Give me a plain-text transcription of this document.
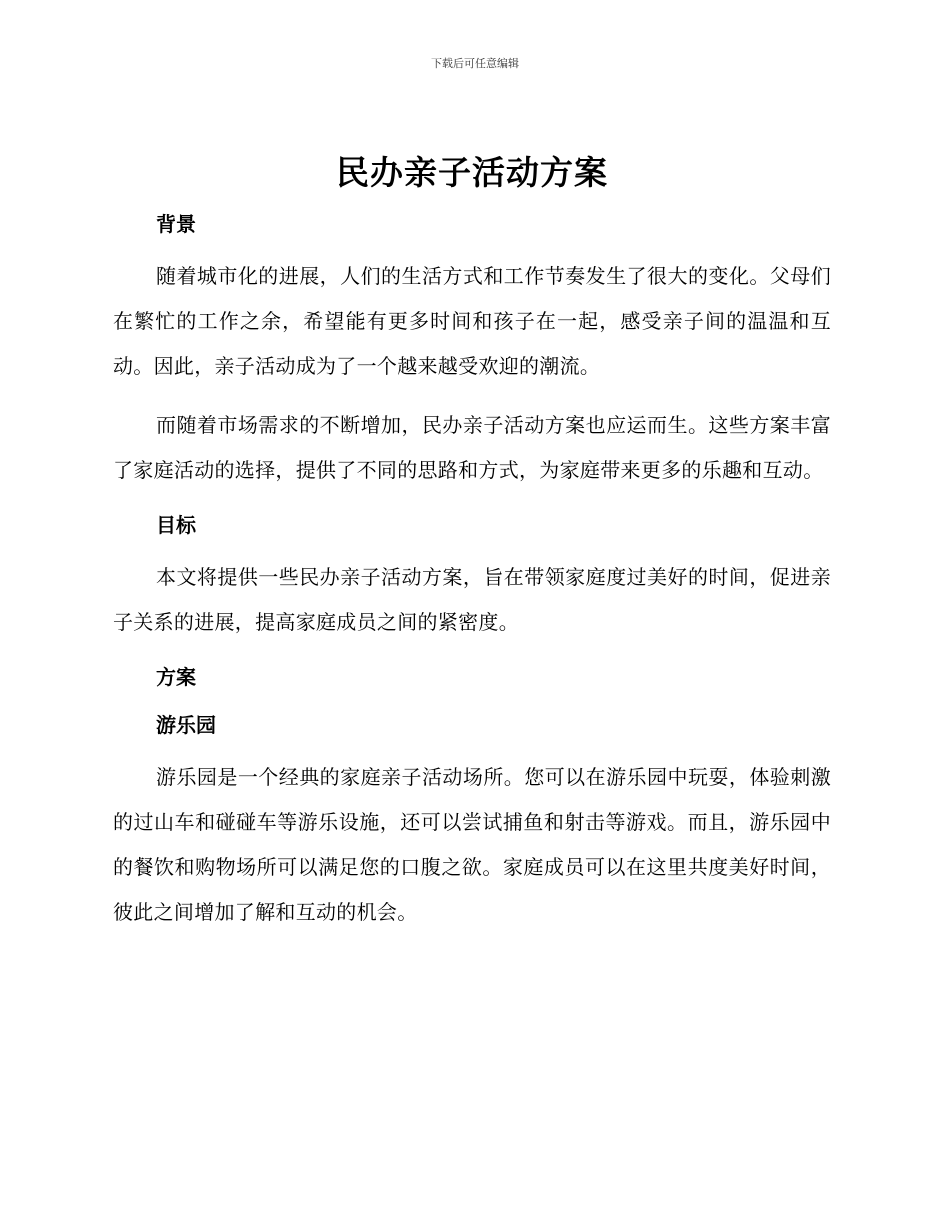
下载后可任意编辑
民办亲子活动方案
背景

随着城市化的进展，人们的生活方式和工作节奏发生了很大的变化。父母们在繁忙的工作之余，希望能有更多时间和孩子在一起，感受亲子间的温温和互动。因此，亲子活动成为了一个越来越受欢迎的潮流。

而随着市场需求的不断增加，民办亲子活动方案也应运而生。这些方案丰富了家庭活动的选择，提供了不同的思路和方式，为家庭带来更多的乐趣和互动。

目标

本文将提供一些民办亲子活动方案，旨在带领家庭度过美好的时间，促进亲子关系的进展，提高家庭成员之间的紧密度。

方案
游乐园

游乐园是一个经典的家庭亲子活动场所。您可以在游乐园中玩耍，体验刺激的过山车和碰碰车等游乐设施，还可以尝试捕鱼和射击等游戏。而且，游乐园中的餐饮和购物场所可以满足您的口腹之欲。家庭成员可以在这里共度美好时间，彼此之间增加了解和互动的机会。
